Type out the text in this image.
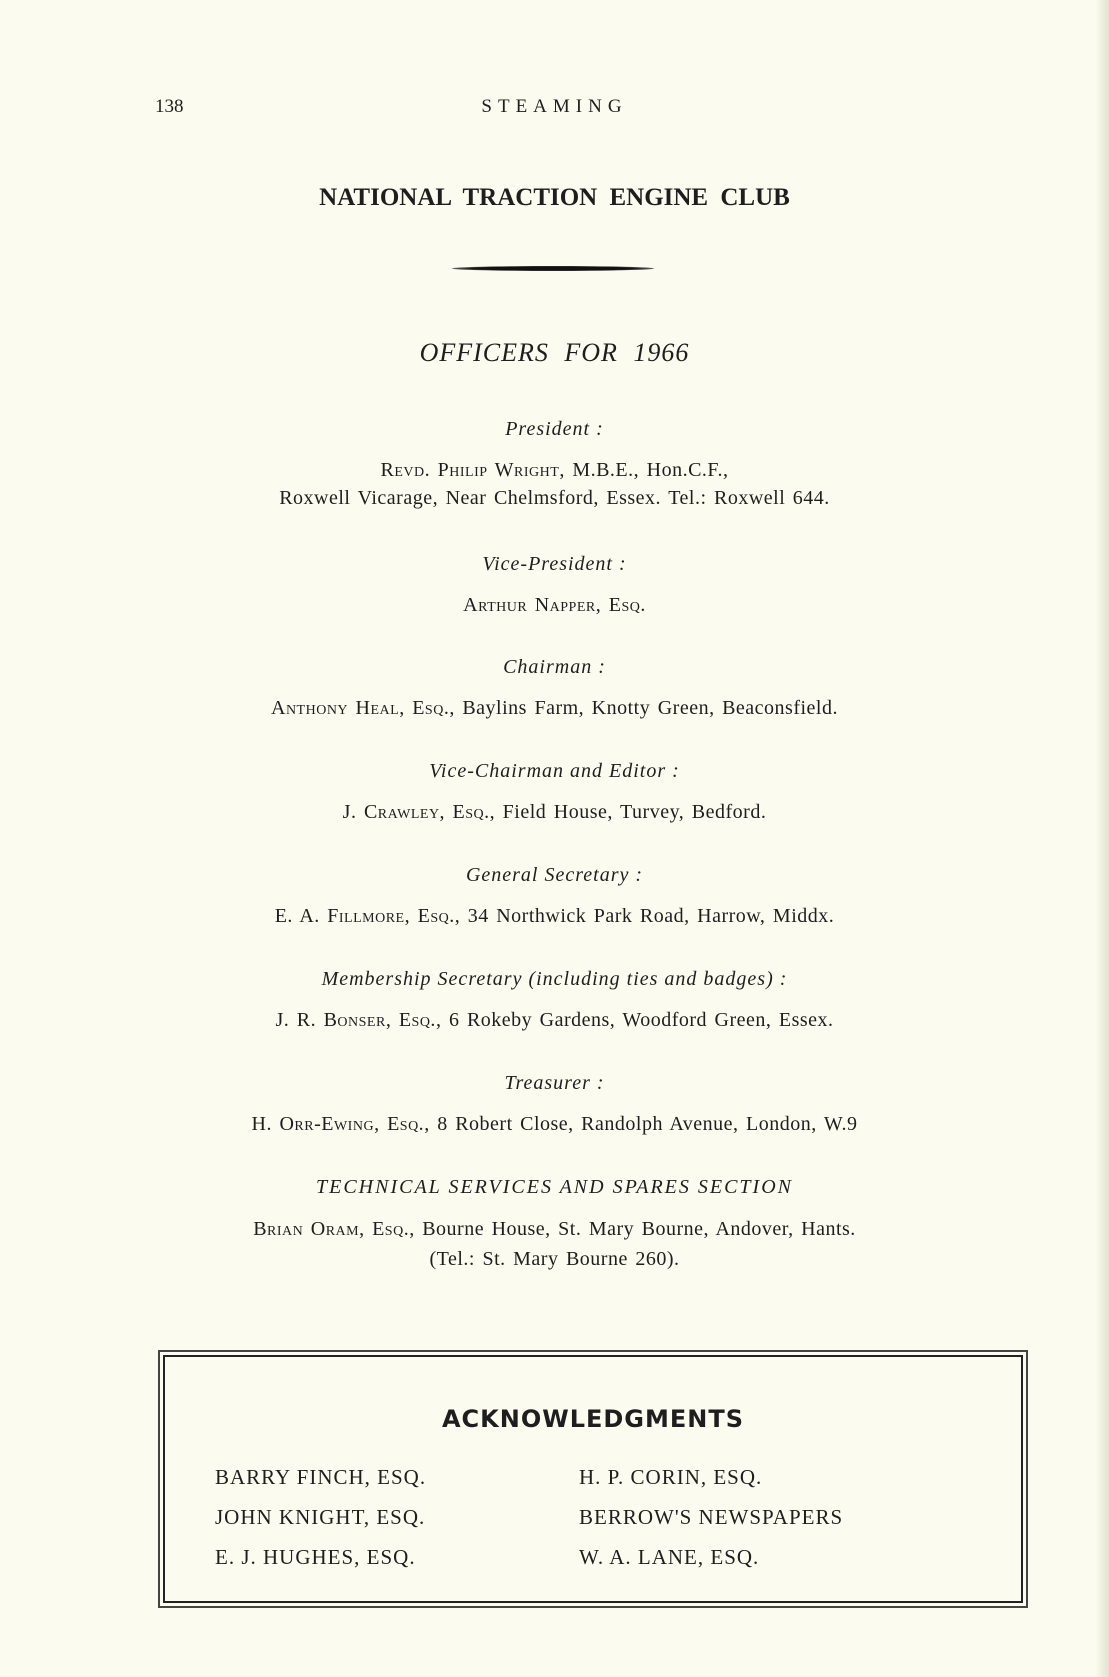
138	STEAMING
NATIONAL TRACTION ENGINE CLUB
OFFICERS FOR 1966
President :
Revd. Philip Wright, M.B.E., Hon.C.F.,
Roxwell Vicarage, Near Chelmsford, Essex. Tel.: Roxwell 644.
Vice-President :
Arthur Napper, Esq.
Chairman :
Anthony Heal, Esq., Baylins Farm, Knotty Green, Beaconsfield.
Vice-Chairman and Editor :
J. Crawley, Esq., Field House, Turvey, Bedford.
General Secretary :
E. A. Fillmore, Esq., 34 Northwick Park Road, Harrow, Middx.
Membership Secretary (including ties and badges) :
J. R. Bonser, Esq., 6 Rokeby Gardens, Woodford Green, Essex.
Treasurer :
H. Orr-Ewing, Esq., 8 Robert Close, Randolph Avenue, London, W.9
TECHNICAL SERVICES AND SPARES SECTION
Brian Oram, Esq., Bourne House, St. Mary Bourne, Andover, Hants.
(Tel.: St. Mary Bourne 260).
ACKNOWLEDGMENTS
BARRY FINCH, ESQ.
JOHN KNIGHT, ESQ.
E. J. HUGHES, ESQ.
H. P. CORIN, ESQ.
BERROW'S NEWSPAPERS
W. A. LANE, ESQ.
